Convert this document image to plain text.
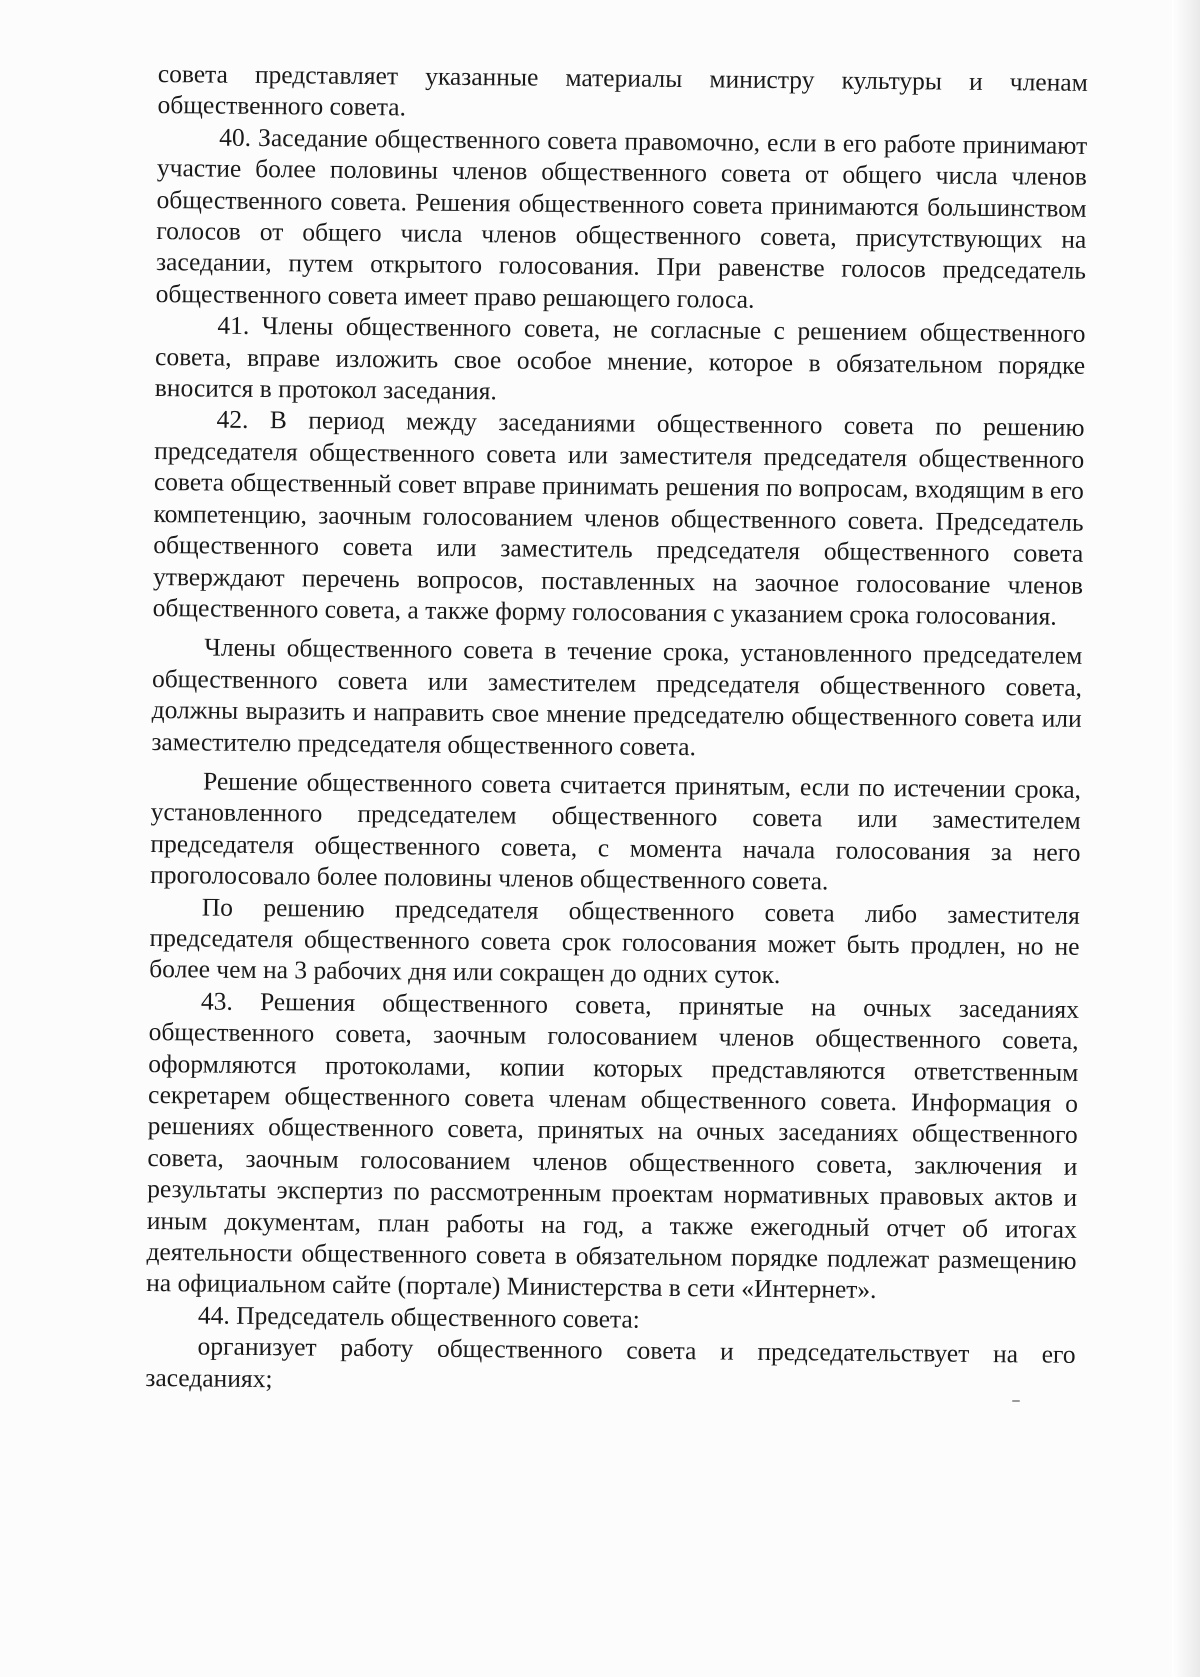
совета представляет указанные материалы министру культуры и членам общественного совета.

40. Заседание общественного совета правомочно, если в его работе принимают участие более половины членов общественного совета от общего числа членов общественного совета. Решения общественного совета принимаются большинством голосов от общего числа членов общественного совета, присутствующих на заседании, путем открытого голосования. При равенстве голосов председатель общественного совета имеет право решающего голоса.

41. Члены общественного совета, не согласные с решением общественного совета, вправе изложить свое особое мнение, которое в обязательном порядке вносится в протокол заседания.

42. В период между заседаниями общественного совета по решению председателя общественного совета или заместителя председателя общественного совета общественный совет вправе принимать решения по вопросам, входящим в его компетенцию, заочным голосованием членов общественного совета. Председатель общественного совета или заместитель председателя общественного совета утверждают перечень вопросов, поставленных на заочное голосование членов общественного совета, а также форму голосования с указанием срока голосования.

Члены общественного совета в течение срока, установленного председателем общественного совета или заместителем председателя общественного совета, должны выразить и направить свое мнение председателю общественного совета или заместителю председателя общественного совета.

Решение общественного совета считается принятым, если по истечении срока, установленного председателем общественного совета или заместителем председателя общественного совета, с момента начала голосования за него проголосовало более половины членов общественного совета.

По решению председателя общественного совета либо заместителя председателя общественного совета срок голосования может быть продлен, но не более чем на 3 рабочих дня или сокращен до одних суток.

43. Решения общественного совета, принятые на очных заседаниях общественного совета, заочным голосованием членов общественного совета, оформляются протоколами, копии которых представляются ответственным секретарем общественного совета членам общественного совета. Информация о решениях общественного совета, принятых на очных заседаниях общественного совета, заочным голосованием членов общественного совета, заключения и результаты экспертиз по рассмотренным проектам нормативных правовых актов и иным документам, план работы на год, а также ежегодный отчет об итогах деятельности общественного совета в обязательном порядке подлежат размещению на официальном сайте (портале) Министерства в сети «Интернет».

44. Председатель общественного совета:

организует работу общественного совета и председательствует на его заседаниях;
